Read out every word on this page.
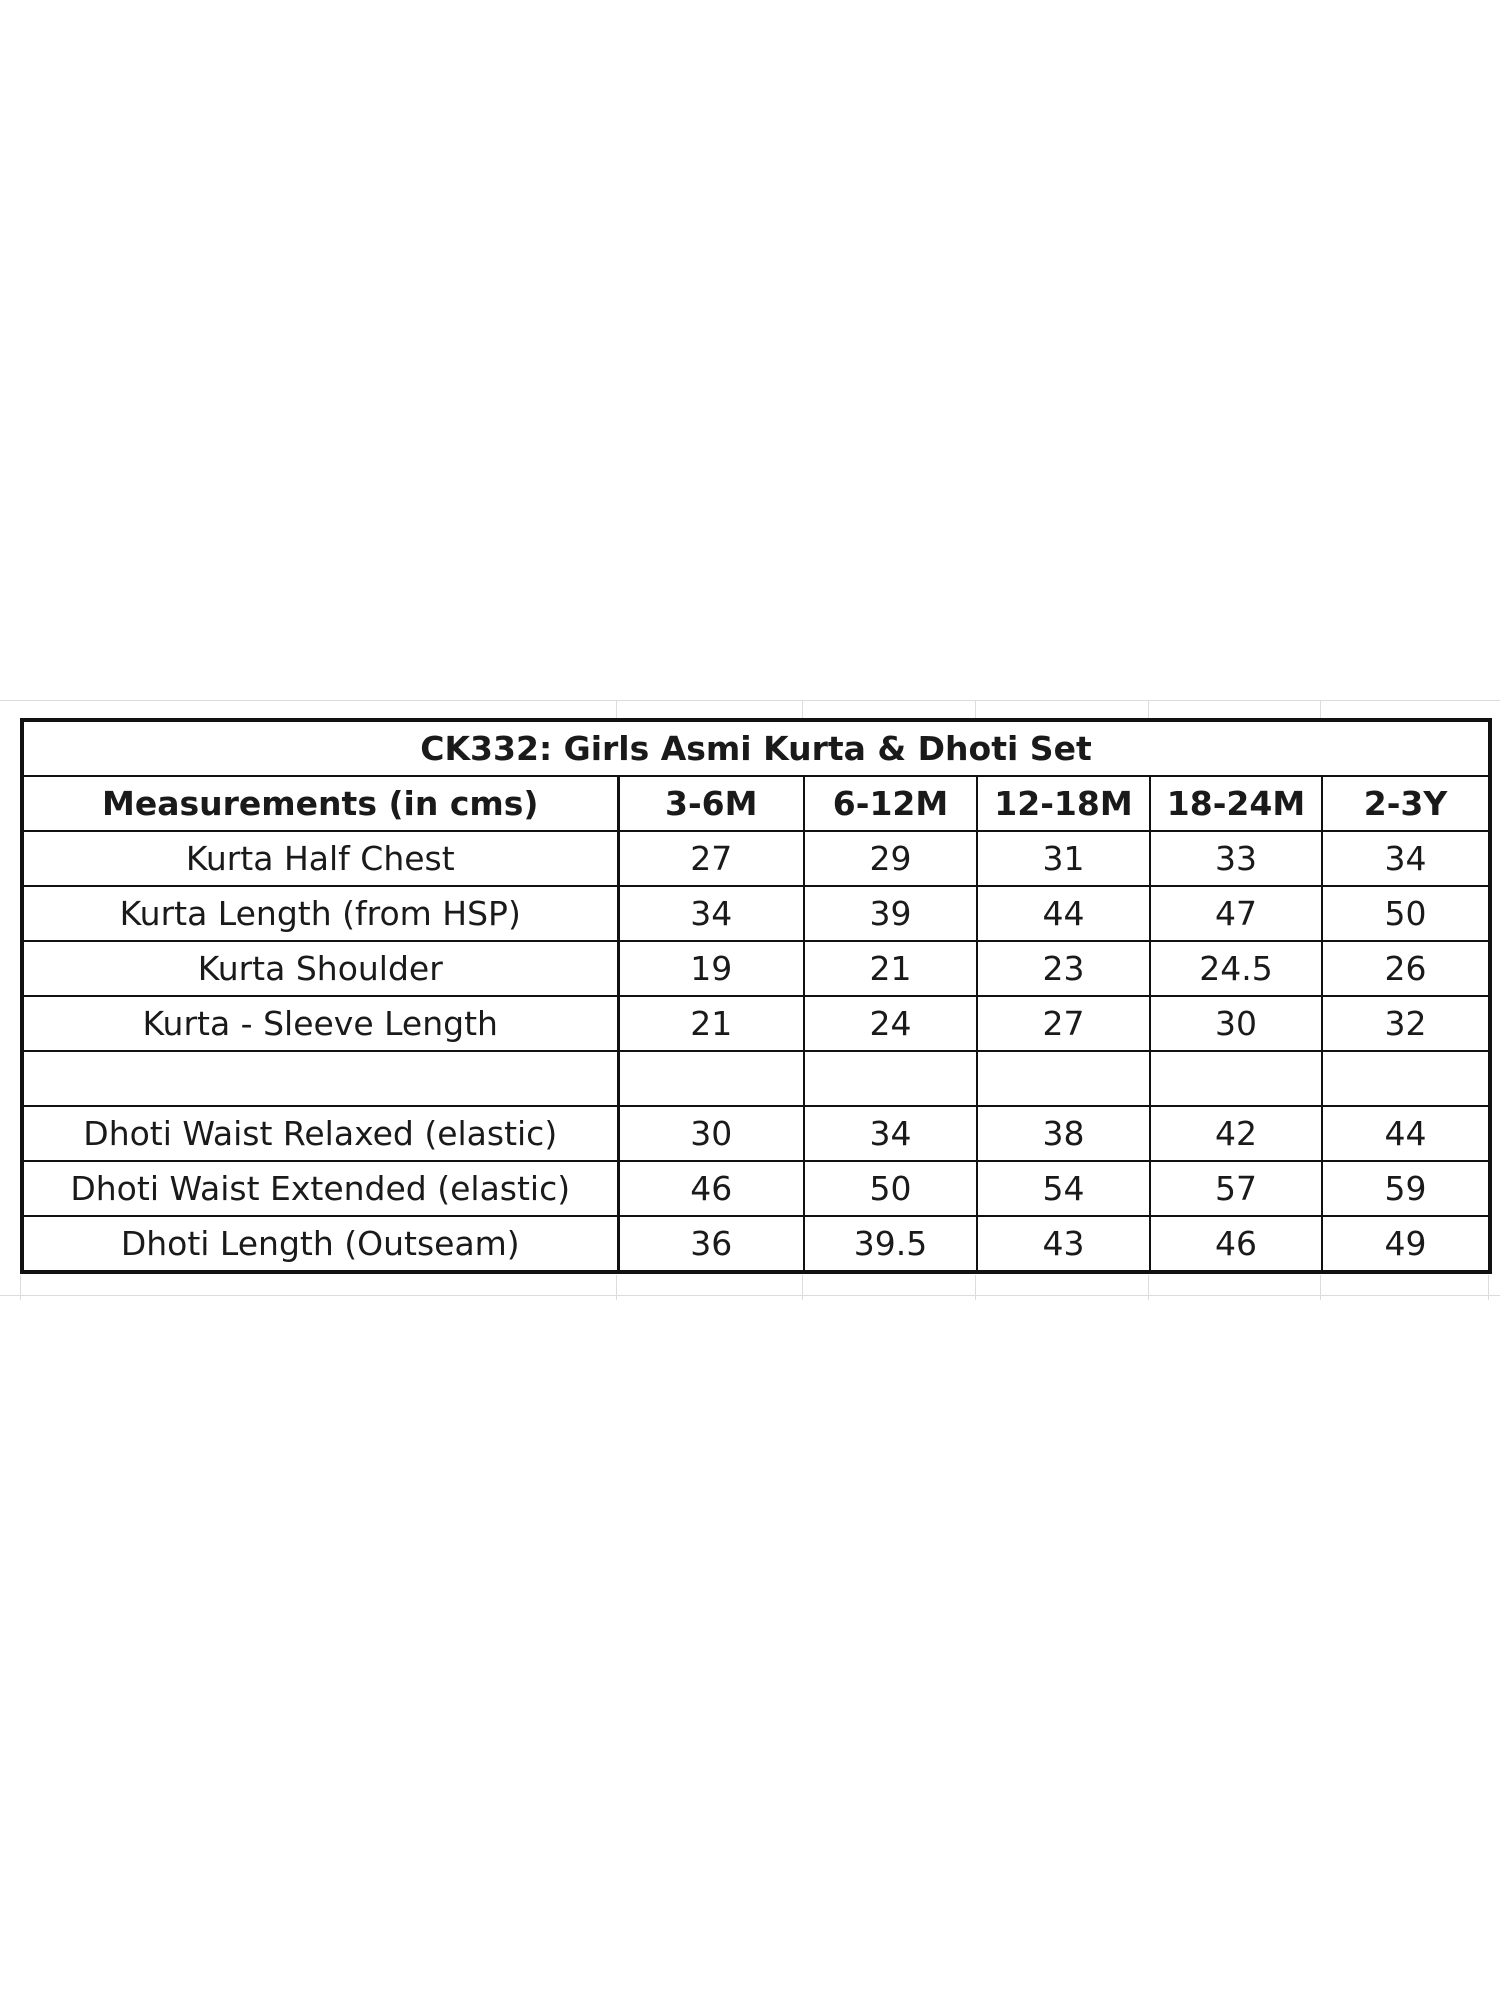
CK332: Girls Asmi Kurta & Dhoti Set					
Measurements (in cms)	3-6M	6-12M	12-18M	18-24M	2-3Y
Kurta Half Chest	27	29	31	33	34
Kurta Length (from HSP)	34	39	44	47	50
Kurta Shoulder	19	21	23	24.5	26
Kurta - Sleeve Length	21	24	27	30	32

Dhoti Waist Relaxed (elastic)	30	34	38	42	44
Dhoti Waist Extended (elastic)	46	50	54	57	59
Dhoti Length (Outseam)	36	39.5	43	46	49
